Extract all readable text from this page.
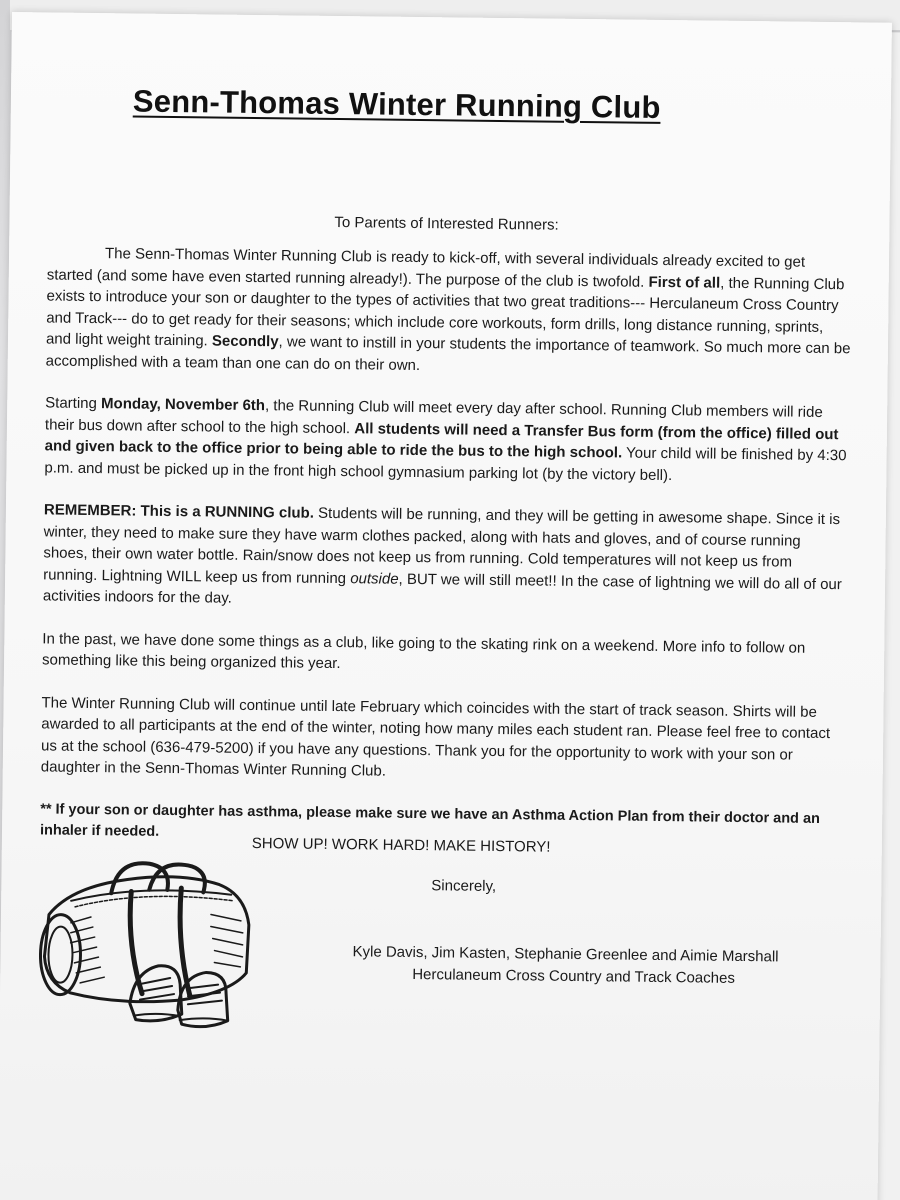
Senn-Thomas Winter Running Club
To Parents of Interested Runners:

The Senn-Thomas Winter Running Club is ready to kick-off, with several individuals already excited to get started (and some have even started running already!). The purpose of the club is twofold. First of all, the Running Club exists to introduce your son or daughter to the types of activities that two great traditions--- Herculaneum Cross Country and Track--- do to get ready for their seasons; which include core workouts, form drills, long distance running, sprints, and light weight training. Secondly, we want to instill in your students the importance of teamwork. So much more can be accomplished with a team than one can do on their own.

Starting Monday, November 6th, the Running Club will meet every day after school. Running Club members will ride their bus down after school to the high school. All students will need a Transfer Bus form (from the office) filled out and given back to the office prior to being able to ride the bus to the high school. Your child will be finished by 4:30 p.m. and must be picked up in the front high school gymnasium parking lot (by the victory bell).

REMEMBER: This is a RUNNING club. Students will be running, and they will be getting in awesome shape. Since it is winter, they need to make sure they have warm clothes packed, along with hats and gloves, and of course running shoes, their own water bottle. Rain/snow does not keep us from running. Cold temperatures will not keep us from running. Lightning WILL keep us from running outside, BUT we will still meet!! In the case of lightning we will do all of our activities indoors for the day.

In the past, we have done some things as a club, like going to the skating rink on a weekend. More info to follow on something like this being organized this year.

The Winter Running Club will continue until late February which coincides with the start of track season. Shirts will be awarded to all participants at the end of the winter, noting how many miles each student ran. Please feel free to contact us at the school (636-479-5200) if you have any questions. Thank you for the opportunity to work with your son or daughter in the Senn-Thomas Winter Running Club.

** If your son or daughter has asthma, please make sure we have an Asthma Action Plan from their doctor and an inhaler if needed.

SHOW UP! WORK HARD! MAKE HISTORY!
Sincerely,
Kyle Davis, Jim Kasten, Stephanie Greenlee and Aimie Marshall
Herculaneum Cross Country and Track Coaches
